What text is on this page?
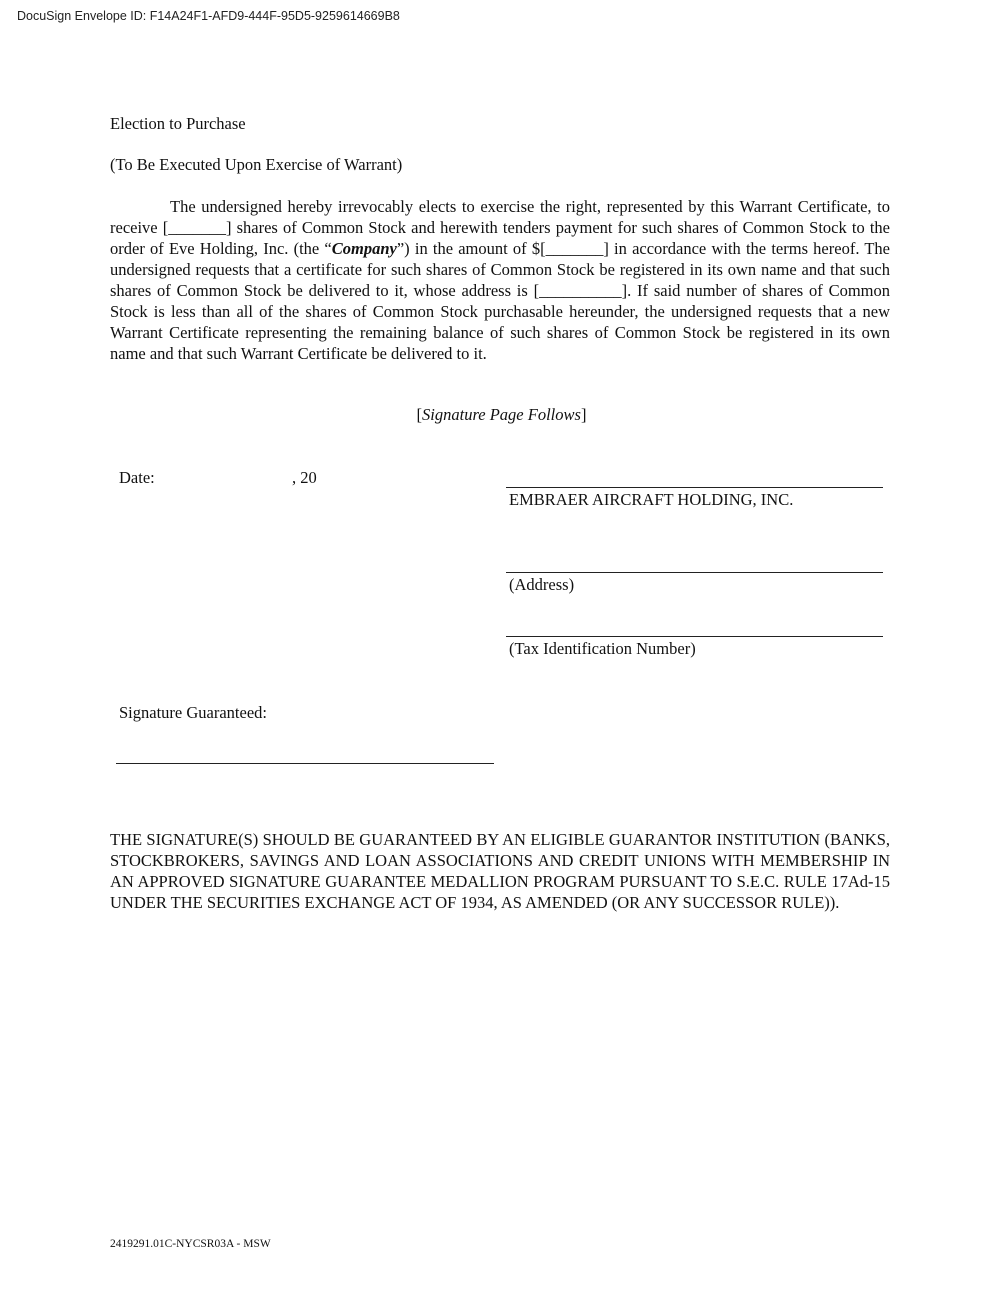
DocuSign Envelope ID: F14A24F1-AFD9-444F-95D5-9259614669B8
Election to Purchase
(To Be Executed Upon Exercise of Warrant)
The undersigned hereby irrevocably elects to exercise the right, represented by this Warrant Certificate, to receive [_______] shares of Common Stock and herewith tenders payment for such shares of Common Stock to the order of Eve Holding, Inc. (the “Company”) in the amount of $[_______] in accordance with the terms hereof. The undersigned requests that a certificate for such shares of Common Stock be registered in its own name and that such shares of Common Stock be delivered to it, whose address is [__________]. If said number of shares of Common Stock is less than all of the shares of Common Stock purchasable hereunder, the undersigned requests that a new Warrant Certificate representing the remaining balance of such shares of Common Stock be registered in its own name and that such Warrant Certificate be delivered to it.
[Signature Page Follows]
Date:	, 20
EMBRAER AIRCRAFT HOLDING, INC.
(Address)
(Tax Identification Number)
Signature Guaranteed:
THE SIGNATURE(S) SHOULD BE GUARANTEED BY AN ELIGIBLE GUARANTOR INSTITUTION (BANKS, STOCKBROKERS, SAVINGS AND LOAN ASSOCIATIONS AND CREDIT UNIONS WITH MEMBERSHIP IN AN APPROVED SIGNATURE GUARANTEE MEDALLION PROGRAM PURSUANT TO S.E.C. RULE 17Ad-15 UNDER THE SECURITIES EXCHANGE ACT OF 1934, AS AMENDED (OR ANY SUCCESSOR RULE)).
2419291.01C-NYCSR03A - MSW
